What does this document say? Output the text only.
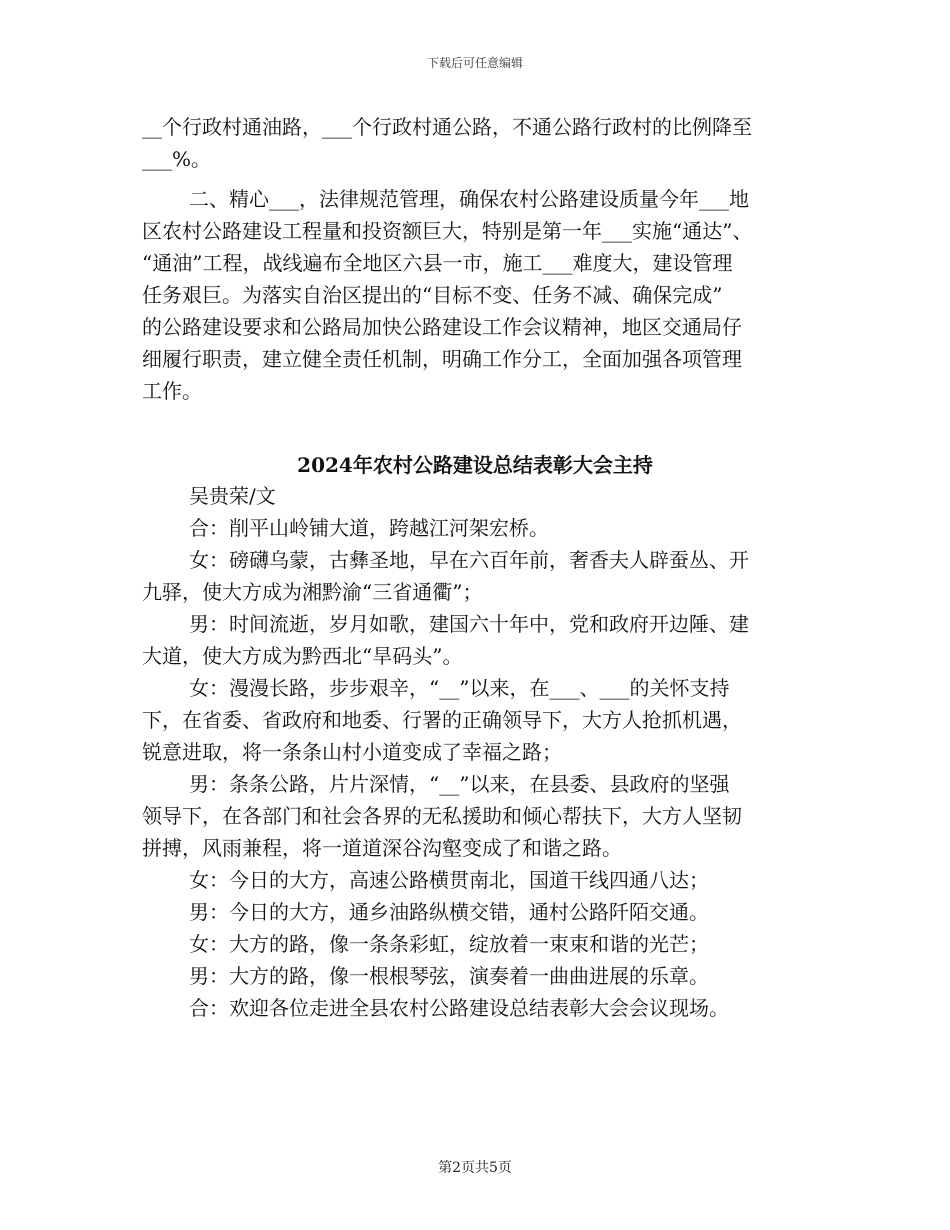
下载后可任意编辑
__个行政村通油路，___个行政村通公路，不通公路行政村的比例降至
___%。
二、精心___，法律规范管理，确保农村公路建设质量今年___地
区农村公路建设工程量和投资额巨大，特别是第一年___实施“通达”、
“通油”工程，战线遍布全地区六县一市，施工___难度大，建设管理
任务艰巨。为落实自治区提出的“目标不变、任务不减、确保完成”
的公路建设要求和公路局加快公路建设工作会议精神，地区交通局仔
细履行职责，建立健全责任机制，明确工作分工，全面加强各项管理
工作。
2024年农村公路建设总结表彰大会主持
吴贵荣/文
合：削平山岭铺大道，跨越江河架宏桥。
女：磅礴乌蒙，古彝圣地，早在六百年前，奢香夫人辟蚕丛、开
九驿，使大方成为湘黔渝“三省通衢”；
男：时间流逝，岁月如歌，建国六十年中，党和政府开边陲、建
大道，使大方成为黔西北“旱码头”。
女：漫漫长路，步步艰辛，“__”以来，在___、___的关怀支持
下，在省委、省政府和地委、行署的正确领导下，大方人抢抓机遇，
锐意进取，将一条条山村小道变成了幸福之路；
男：条条公路，片片深情，“__”以来，在县委、县政府的坚强
领导下，在各部门和社会各界的无私援助和倾心帮扶下，大方人坚韧
拼搏，风雨兼程，将一道道深谷沟壑变成了和谐之路。
女：今日的大方，高速公路横贯南北，国道干线四通八达；
男：今日的大方，通乡油路纵横交错，通村公路阡陌交通。
女：大方的路，像一条条彩虹，绽放着一束束和谐的光芒；
男：大方的路，像一根根琴弦，演奏着一曲曲进展的乐章。
合：欢迎各位走进全县农村公路建设总结表彰大会会议现场。
第2页共5页
